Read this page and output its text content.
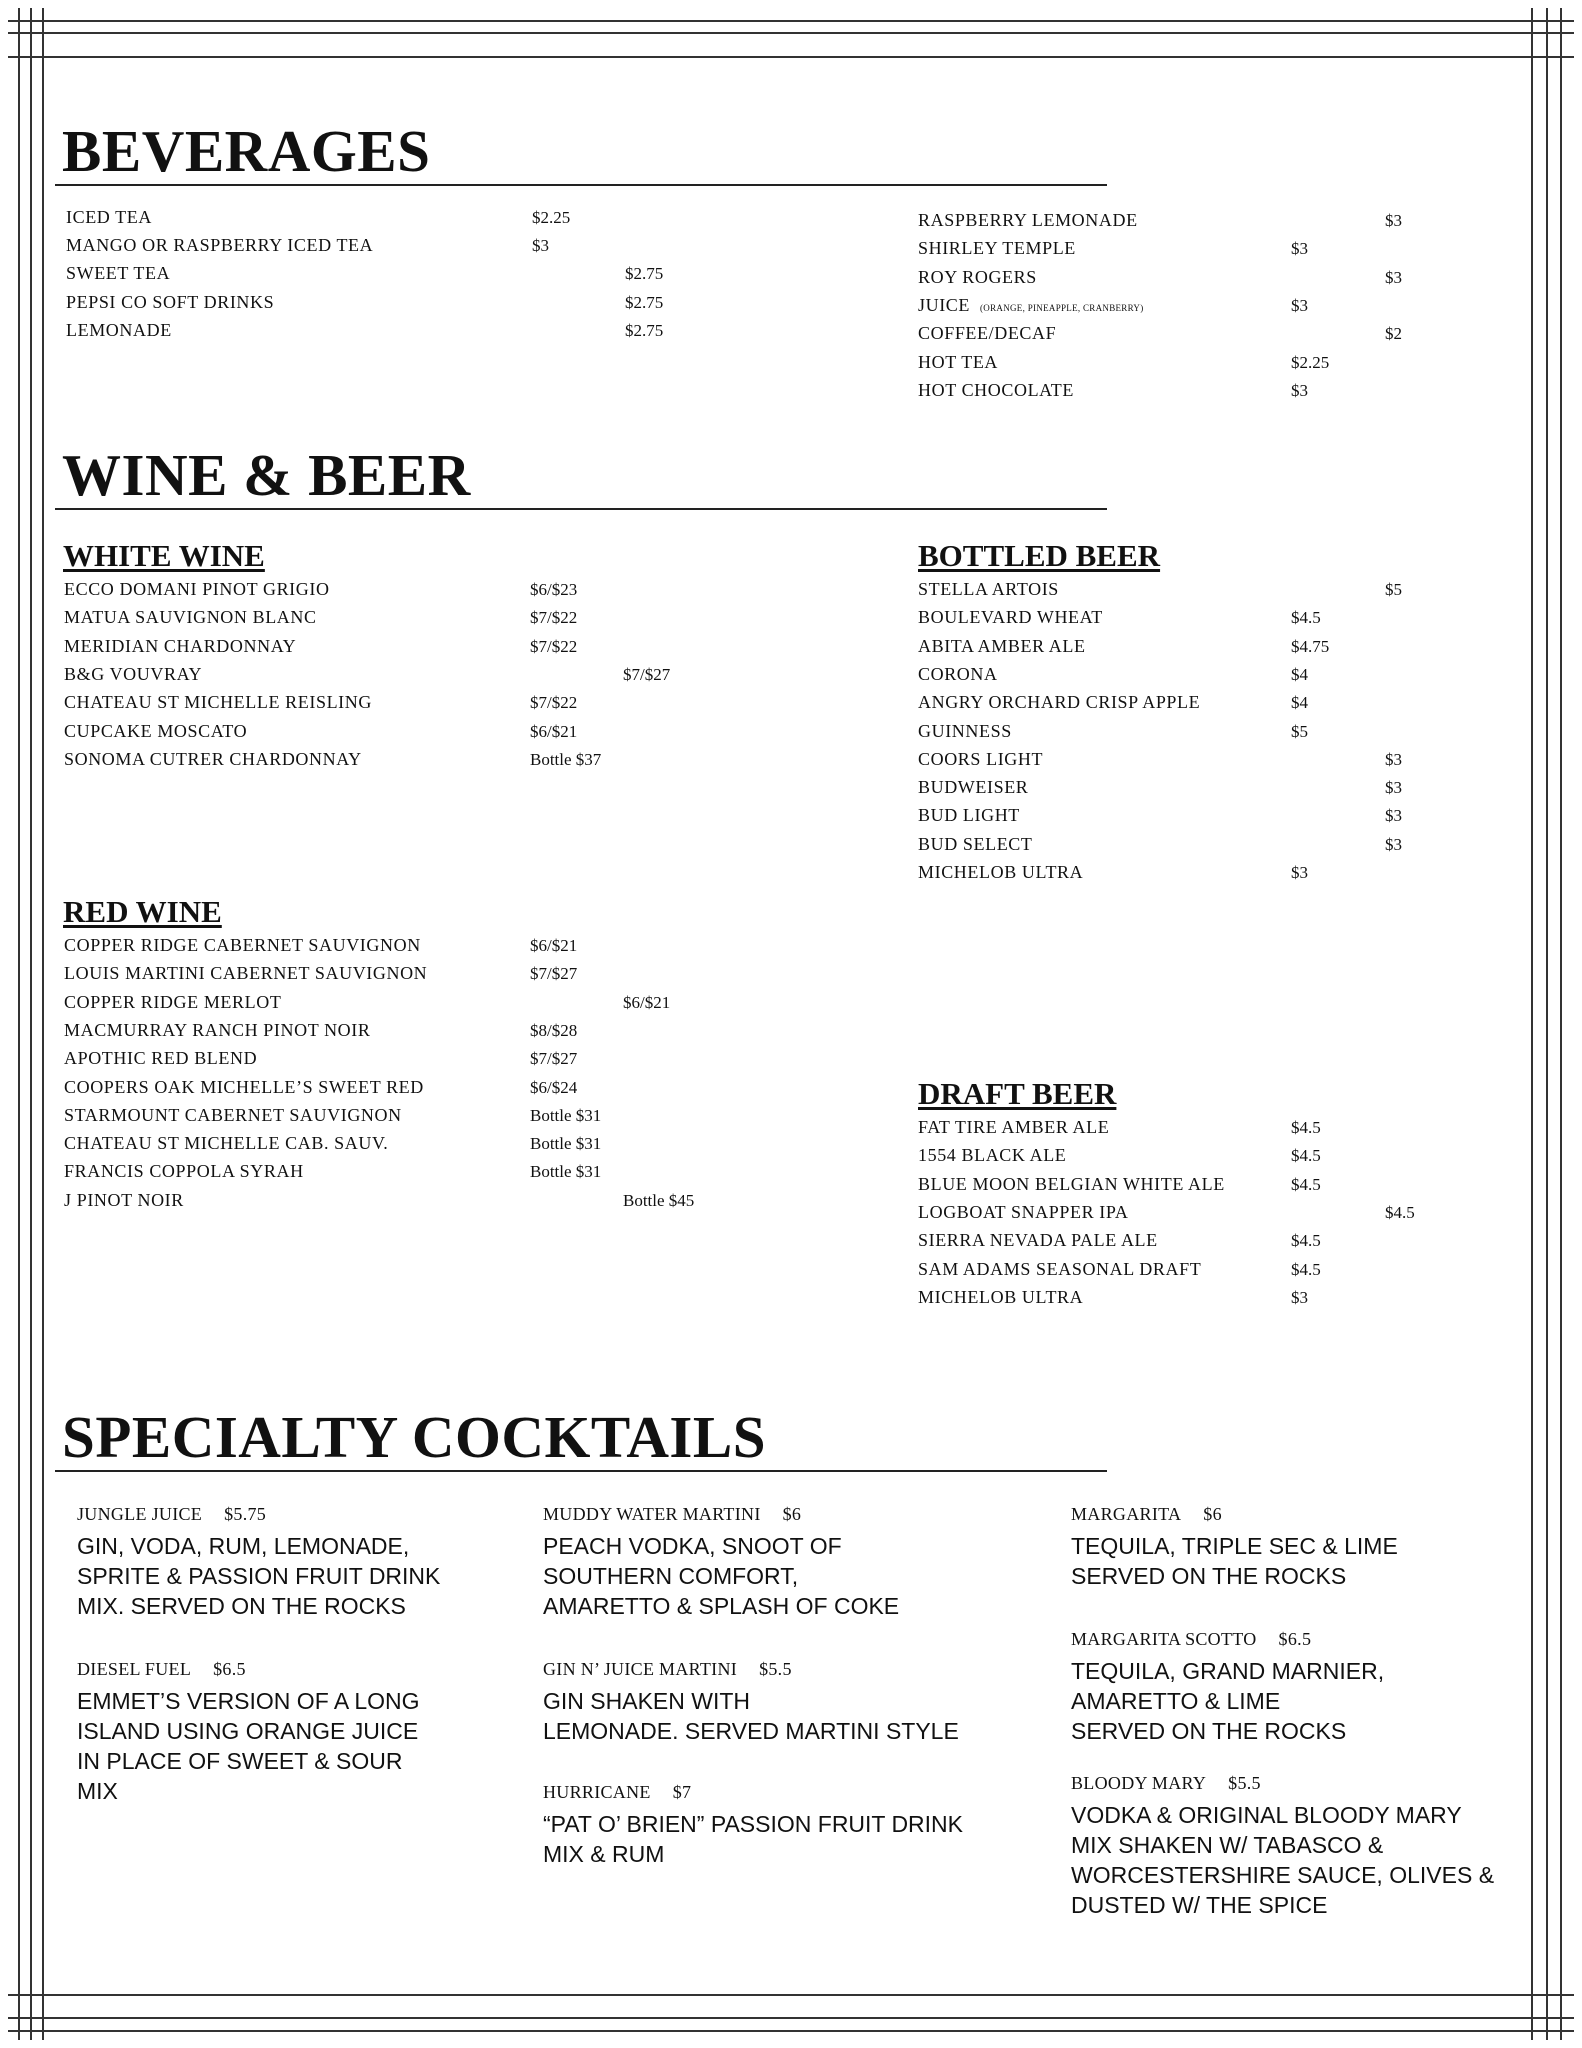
BEVERAGES
ICED TEA	$2.25
MANGO OR RASPBERRY ICED TEA	$3
SWEET TEA	$2.75
PEPSI CO SOFT DRINKS	$2.75
LEMONADE	$2.75
RASPBERRY LEMONADE	$3
SHIRLEY TEMPLE	$3
ROY ROGERS	$3
JUICE (ORANGE, PINEAPPLE, CRANBERRY)	$3
COFFEE/DECAF	$2
HOT TEA	$2.25
HOT CHOCOLATE	$3
WINE & BEER
WHITE WINE
RED WINE
BOTTLED BEER
DRAFT BEER
ECCO DOMANI PINOT GRIGIO	$6/$23
MATUA SAUVIGNON BLANC	$7/$22
MERIDIAN CHARDONNAY	$7/$22
B&G VOUVRAY	$7/$27
CHATEAU ST MICHELLE REISLING	$7/$22
CUPCAKE MOSCATO	$6/$21
SONOMA CUTRER CHARDONNAY	Bottle $37
COPPER RIDGE CABERNET SAUVIGNON	$6/$21
LOUIS MARTINI CABERNET SAUVIGNON	$7/$27
COPPER RIDGE MERLOT	$6/$21
MACMURRAY RANCH PINOT NOIR	$8/$28
APOTHIC RED BLEND	$7/$27
COOPERS OAK MICHELLE’S SWEET RED	$6/$24
STARMOUNT CABERNET SAUVIGNON	Bottle $31
CHATEAU ST MICHELLE CAB. SAUV.	Bottle $31
FRANCIS COPPOLA SYRAH	Bottle $31
J PINOT NOIR	Bottle $45
STELLA ARTOIS	$5
BOULEVARD WHEAT	$4.5
ABITA AMBER ALE	$4.75
CORONA	$4
ANGRY ORCHARD CRISP APPLE	$4
GUINNESS	$5
COORS LIGHT	$3
BUDWEISER	$3
BUD LIGHT	$3
BUD SELECT	$3
MICHELOB ULTRA	$3
FAT TIRE AMBER ALE	$4.5
1554 BLACK ALE	$4.5
BLUE MOON BELGIAN WHITE ALE	$4.5
LOGBOAT SNAPPER IPA	$4.5
SIERRA NEVADA PALE ALE	$4.5
SAM ADAMS SEASONAL DRAFT	$4.5
MICHELOB ULTRA	$3
SPECIALTY COCKTAILS
JUNGLE JUICE $5.75
GIN, VODA, RUM, LEMONADE,
SPRITE & PASSION FRUIT DRINK
MIX. SERVED ON THE ROCKS
DIESEL FUEL $6.5
EMMET’S VERSION OF A LONG
ISLAND USING ORANGE JUICE
IN PLACE OF SWEET & SOUR
MIX
MUDDY WATER MARTINI $6
PEACH VODKA, SNOOT OF
SOUTHERN COMFORT,
AMARETTO & SPLASH OF COKE
GIN N’ JUICE MARTINI $5.5
GIN SHAKEN WITH
LEMONADE. SERVED MARTINI STYLE
HURRICANE $7
“PAT O’ BRIEN” PASSION FRUIT DRINK
MIX & RUM
MARGARITA $6
TEQUILA, TRIPLE SEC & LIME
SERVED ON THE ROCKS
MARGARITA SCOTTO $6.5
TEQUILA, GRAND MARNIER,
AMARETTO & LIME
SERVED ON THE ROCKS
BLOODY MARY $5.5
VODKA & ORIGINAL BLOODY MARY
MIX SHAKEN W/ TABASCO &
WORCESTERSHIRE SAUCE, OLIVES &
DUSTED W/ THE SPICE
